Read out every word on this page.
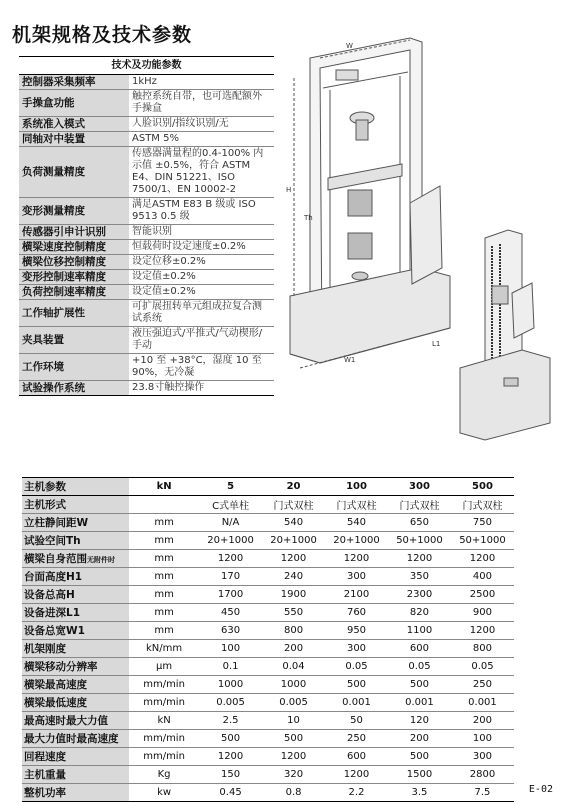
机架规格及技术参数
技术及功能参数	
控制器采集频率	1kHz
手操盒功能	触控系统自带，也可选配额外手操盒
系统准入模式	人脸识别/指纹识别/无
同轴对中装置	ASTM 5%
负荷测量精度	传感器满量程的0.4-100% 内 示值 ±0.5%，符合 ASTM E4、DIN 51221、ISO 7500/1、EN 10002-2
变形测量精度	满足ASTM E83 B 级或 ISO 9513 0.5 级
传感器引申计识别	智能识别
横梁速度控制精度	恒载荷时设定速度±0.2%
横梁位移控制精度	设定位移±0.2%
变形控制速率精度	设定值±0.2%
负荷控制速率精度	设定值±0.2%
工作轴扩展性	可扩展扭转单元组成拉复合测试系统
夹具装置	液压强迫式/平推式/气动楔形/手动
工作环境	+10 至 +38°C，湿度 10 至 90%，无冷凝
试验操作系统	23.8寸触控操作
W
H
Th
W1
L1
主机参数	kN	5	20	100	300	500
主机形式		C式单柱	门式双柱	门式双柱	门式双柱	门式双柱
立柱静间距W	mm	N/A	540	540	650	750
试验空间Th	mm	20+1000	20+1000	20+1000	50+1000	50+1000
横梁自身范围无附件时	mm	1200	1200	1200	1200	1200
台面高度H1	mm	170	240	300	350	400
设备总高H	mm	1700	1900	2100	2300	2500
设备进深L1	mm	450	550	760	820	900
设备总宽W1	mm	630	800	950	1100	1200
机架刚度	kN/mm	100	200	300	600	800
横梁移动分辨率	μm	0.1	0.04	0.05	0.05	0.05
横梁最高速度	mm/min	1000	1000	500	500	250
横梁最低速度	mm/min	0.005	0.005	0.001	0.001	0.001
最高速时最大力值	kN	2.5	10	50	120	200
最大力值时最高速度	mm/min	500	500	250	200	100
回程速度	mm/min	1200	1200	600	500	300
主机重量	Kg	150	320	1200	1500	2800
整机功率	kw	0.45	0.8	2.2	3.5	7.5	E-02
